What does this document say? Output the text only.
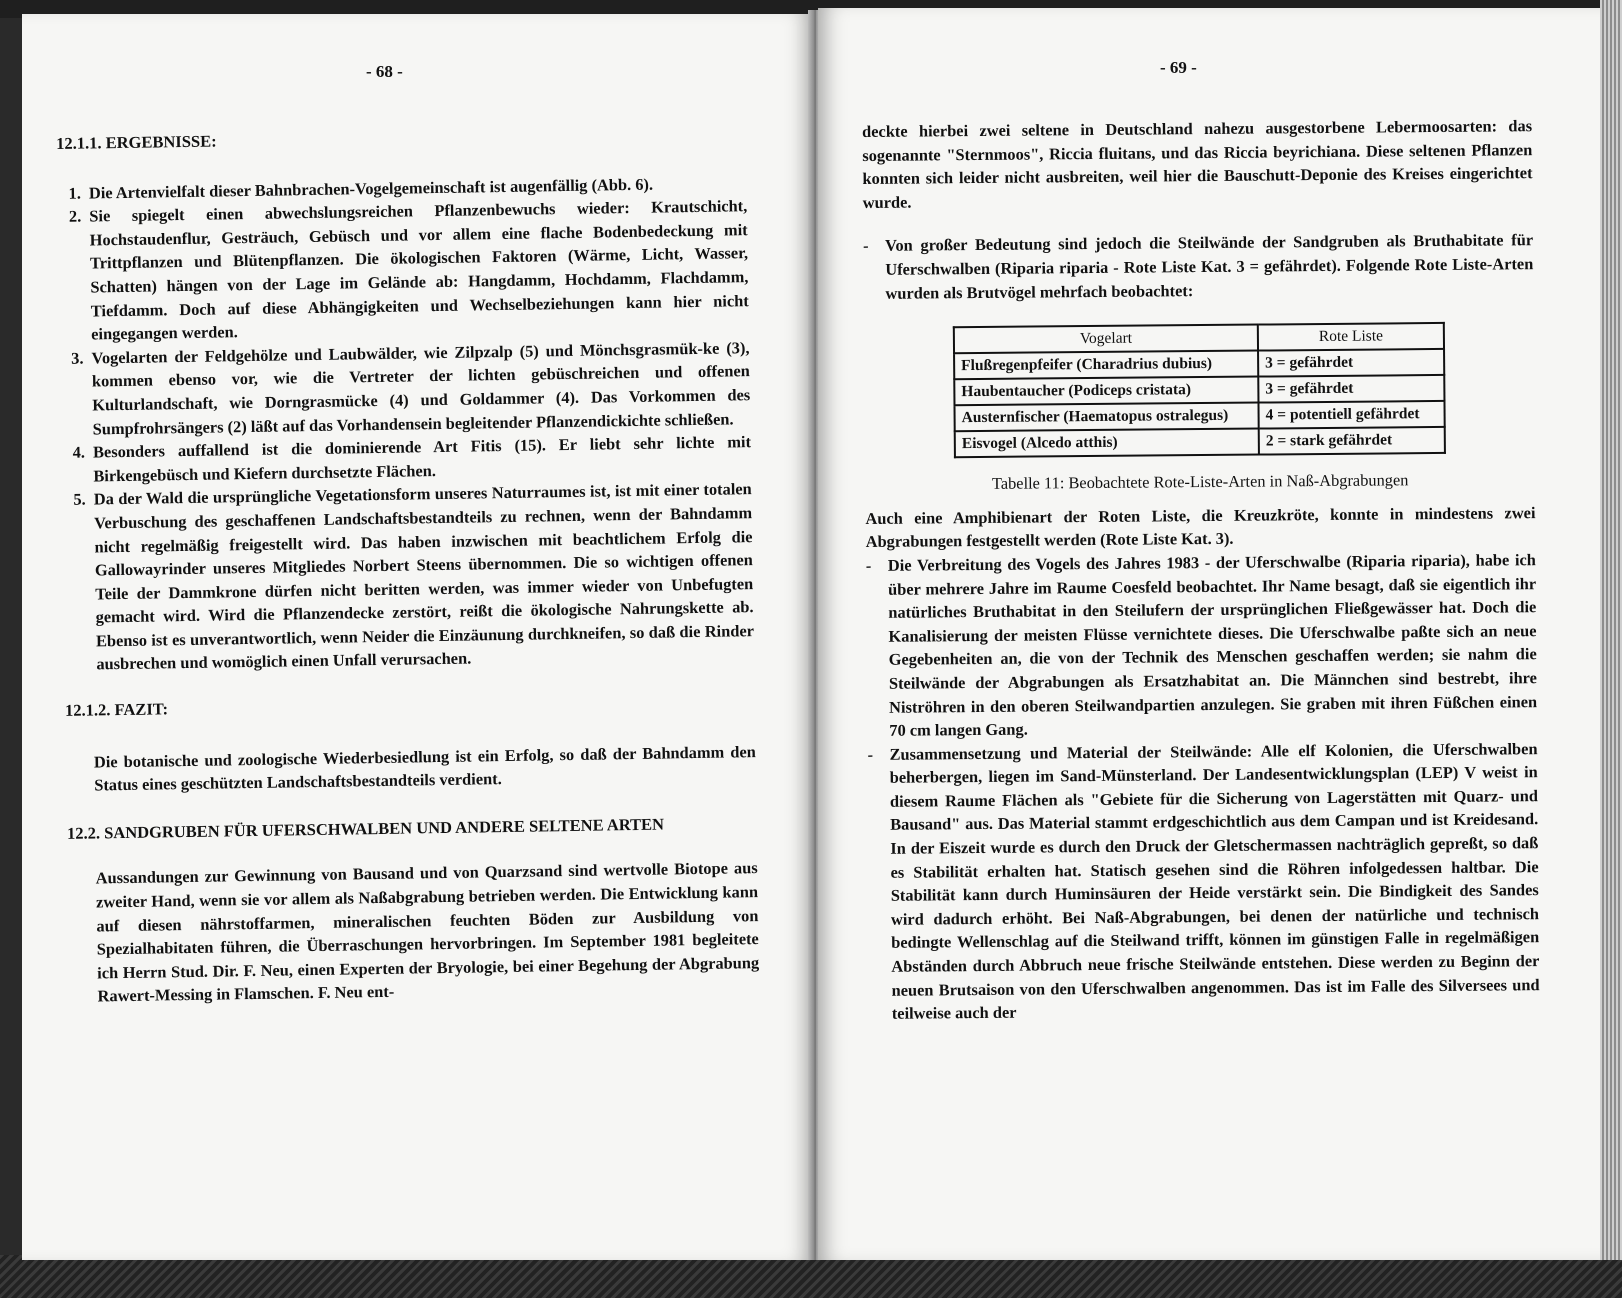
- 68 -

12.1.1. ERGEBNISSE:

1. Die Artenvielfalt dieser Bahnbrachen-Vogelgemeinschaft ist augenfällig (Abb. 6).
2. Sie spiegelt einen abwechslungsreichen Pflanzenbewuchs wieder: Krautschicht, Hochstaudenflur, Gesträuch, Gebüsch und vor allem eine flache Bodenbedeckung mit Trittpflanzen und Blütenpflanzen. Die ökologischen Faktoren (Wärme, Licht, Wasser, Schatten) hängen von der Lage im Gelände ab: Hangdamm, Hochdamm, Flachdamm, Tiefdamm. Doch auf diese Abhängigkeiten und Wechselbeziehungen kann hier nicht eingegangen werden.
3. Vogelarten der Feldgehölze und Laubwälder, wie Zilpzalp (5) und Mönchsgrasmük-ke (3), kommen ebenso vor, wie die Vertreter der lichten gebüschreichen und offenen Kulturlandschaft, wie Dorngrasmücke (4) und Goldammer (4). Das Vorkommen des Sumpfrohrsängers (2) läßt auf das Vorhandensein begleitender Pflanzendickichte schließen.
4. Besonders auffallend ist die dominierende Art Fitis (15). Er liebt sehr lichte mit Birkengebüsch und Kiefern durchsetzte Flächen.
5. Da der Wald die ursprüngliche Vegetationsform unseres Naturraumes ist, ist mit einer totalen Verbuschung des geschaffenen Landschaftsbestandteils zu rechnen, wenn der Bahndamm nicht regelmäßig freigestellt wird. Das haben inzwischen mit beachtlichem Erfolg die Gallowayrinder unseres Mitgliedes Norbert Steens übernommen. Die so wichtigen offenen Teile der Dammkrone dürfen nicht beritten werden, was immer wieder von Unbefugten gemacht wird. Wird die Pflanzendecke zerstört, reißt die ökologische Nahrungskette ab. Ebenso ist es unverantwortlich, wenn Neider die Einzäunung durchkneifen, so daß die Rinder ausbrechen und womöglich einen Unfall verursachen.

12.1.2. FAZIT:

Die botanische und zoologische Wiederbesiedlung ist ein Erfolg, so daß der Bahndamm den Status eines geschützten Landschaftsbestandteils verdient.

12.2. SANDGRUBEN FÜR UFERSCHWALBEN UND ANDERE SELTENE ARTEN

Aussandungen zur Gewinnung von Bausand und von Quarzsand sind wertvolle Biotope aus zweiter Hand, wenn sie vor allem als Naßabgrabung betrieben werden. Die Entwicklung kann auf diesen nährstoffarmen, mineralischen feuchten Böden zur Ausbildung von Spezialhabitaten führen, die Überraschungen hervorbringen. Im September 1981 begleitete ich Herrn Stud. Dir. F. Neu, einen Experten der Bryologie, bei einer Begehung der Abgrabung Rawert-Messing in Flamschen. F. Neu ent-

- 69 -

deckte hierbei zwei seltene in Deutschland nahezu ausgestorbene Lebermoosarten: das sogenannte "Sternmoos", Riccia fluitans, und das Riccia beyrichiana. Diese seltenen Pflanzen konnten sich leider nicht ausbreiten, weil hier die Bauschutt-Deponie des Kreises eingerichtet wurde.

- Von großer Bedeutung sind jedoch die Steilwände der Sandgruben als Bruthabitate für Uferschwalben (Riparia riparia - Rote Liste Kat. 3 = gefährdet). Folgende Rote Liste-Arten wurden als Brutvögel mehrfach beobachtet:
Vogelart	Rote Liste
Flußregenpfeifer (Charadrius dubius)	3 = gefährdet
Haubentaucher (Podiceps cristata)	3 = gefährdet
Austernfischer (Haematopus ostralegus)	4 = potentiell gefährdet
Eisvogel (Alcedo atthis)	2 = stark gefährdet

Tabelle 11: Beobachtete Rote-Liste-Arten in Naß-Abgrabungen

Auch eine Amphibienart der Roten Liste, die Kreuzkröte, konnte in mindestens zwei Abgrabungen festgestellt werden (Rote Liste Kat. 3).

- Die Verbreitung des Vogels des Jahres 1983 - der Uferschwalbe (Riparia riparia), habe ich über mehrere Jahre im Raume Coesfeld beobachtet. Ihr Name besagt, daß sie eigentlich ihr natürliches Bruthabitat in den Steilufern der ursprünglichen Fließgewässer hat. Doch die Kanalisierung der meisten Flüsse vernichtete dieses. Die Uferschwalbe paßte sich an neue Gegebenheiten an, die von der Technik des Menschen geschaffen werden; sie nahm die Steilwände der Abgrabungen als Ersatzhabitat an. Die Männchen sind bestrebt, ihre Niströhren in den oberen Steilwandpartien anzulegen. Sie graben mit ihren Füßchen einen 70 cm langen Gang.
- Zusammensetzung und Material der Steilwände: Alle elf Kolonien, die Uferschwalben beherbergen, liegen im Sand-Münsterland. Der Landesentwicklungsplan (LEP) V weist in diesem Raume Flächen als "Gebiete für die Sicherung von Lagerstätten mit Quarz- und Bausand" aus. Das Material stammt erdgeschichtlich aus dem Campan und ist Kreidesand. In der Eiszeit wurde es durch den Druck der Gletschermassen nachträglich gepreßt, so daß es Stabilität erhalten hat. Statisch gesehen sind die Röhren infolgedessen haltbar. Die Stabilität kann durch Huminsäuren der Heide verstärkt sein. Die Bindigkeit des Sandes wird dadurch erhöht. Bei Naß-Abgrabungen, bei denen der natürliche und technisch bedingte Wellenschlag auf die Steilwand trifft, können im günstigen Falle in regelmäßigen Abständen durch Abbruch neue frische Steilwände entstehen. Diese werden zu Beginn der neuen Brutsaison von den Uferschwalben angenommen. Das ist im Falle des Silversees und teilweise auch der
